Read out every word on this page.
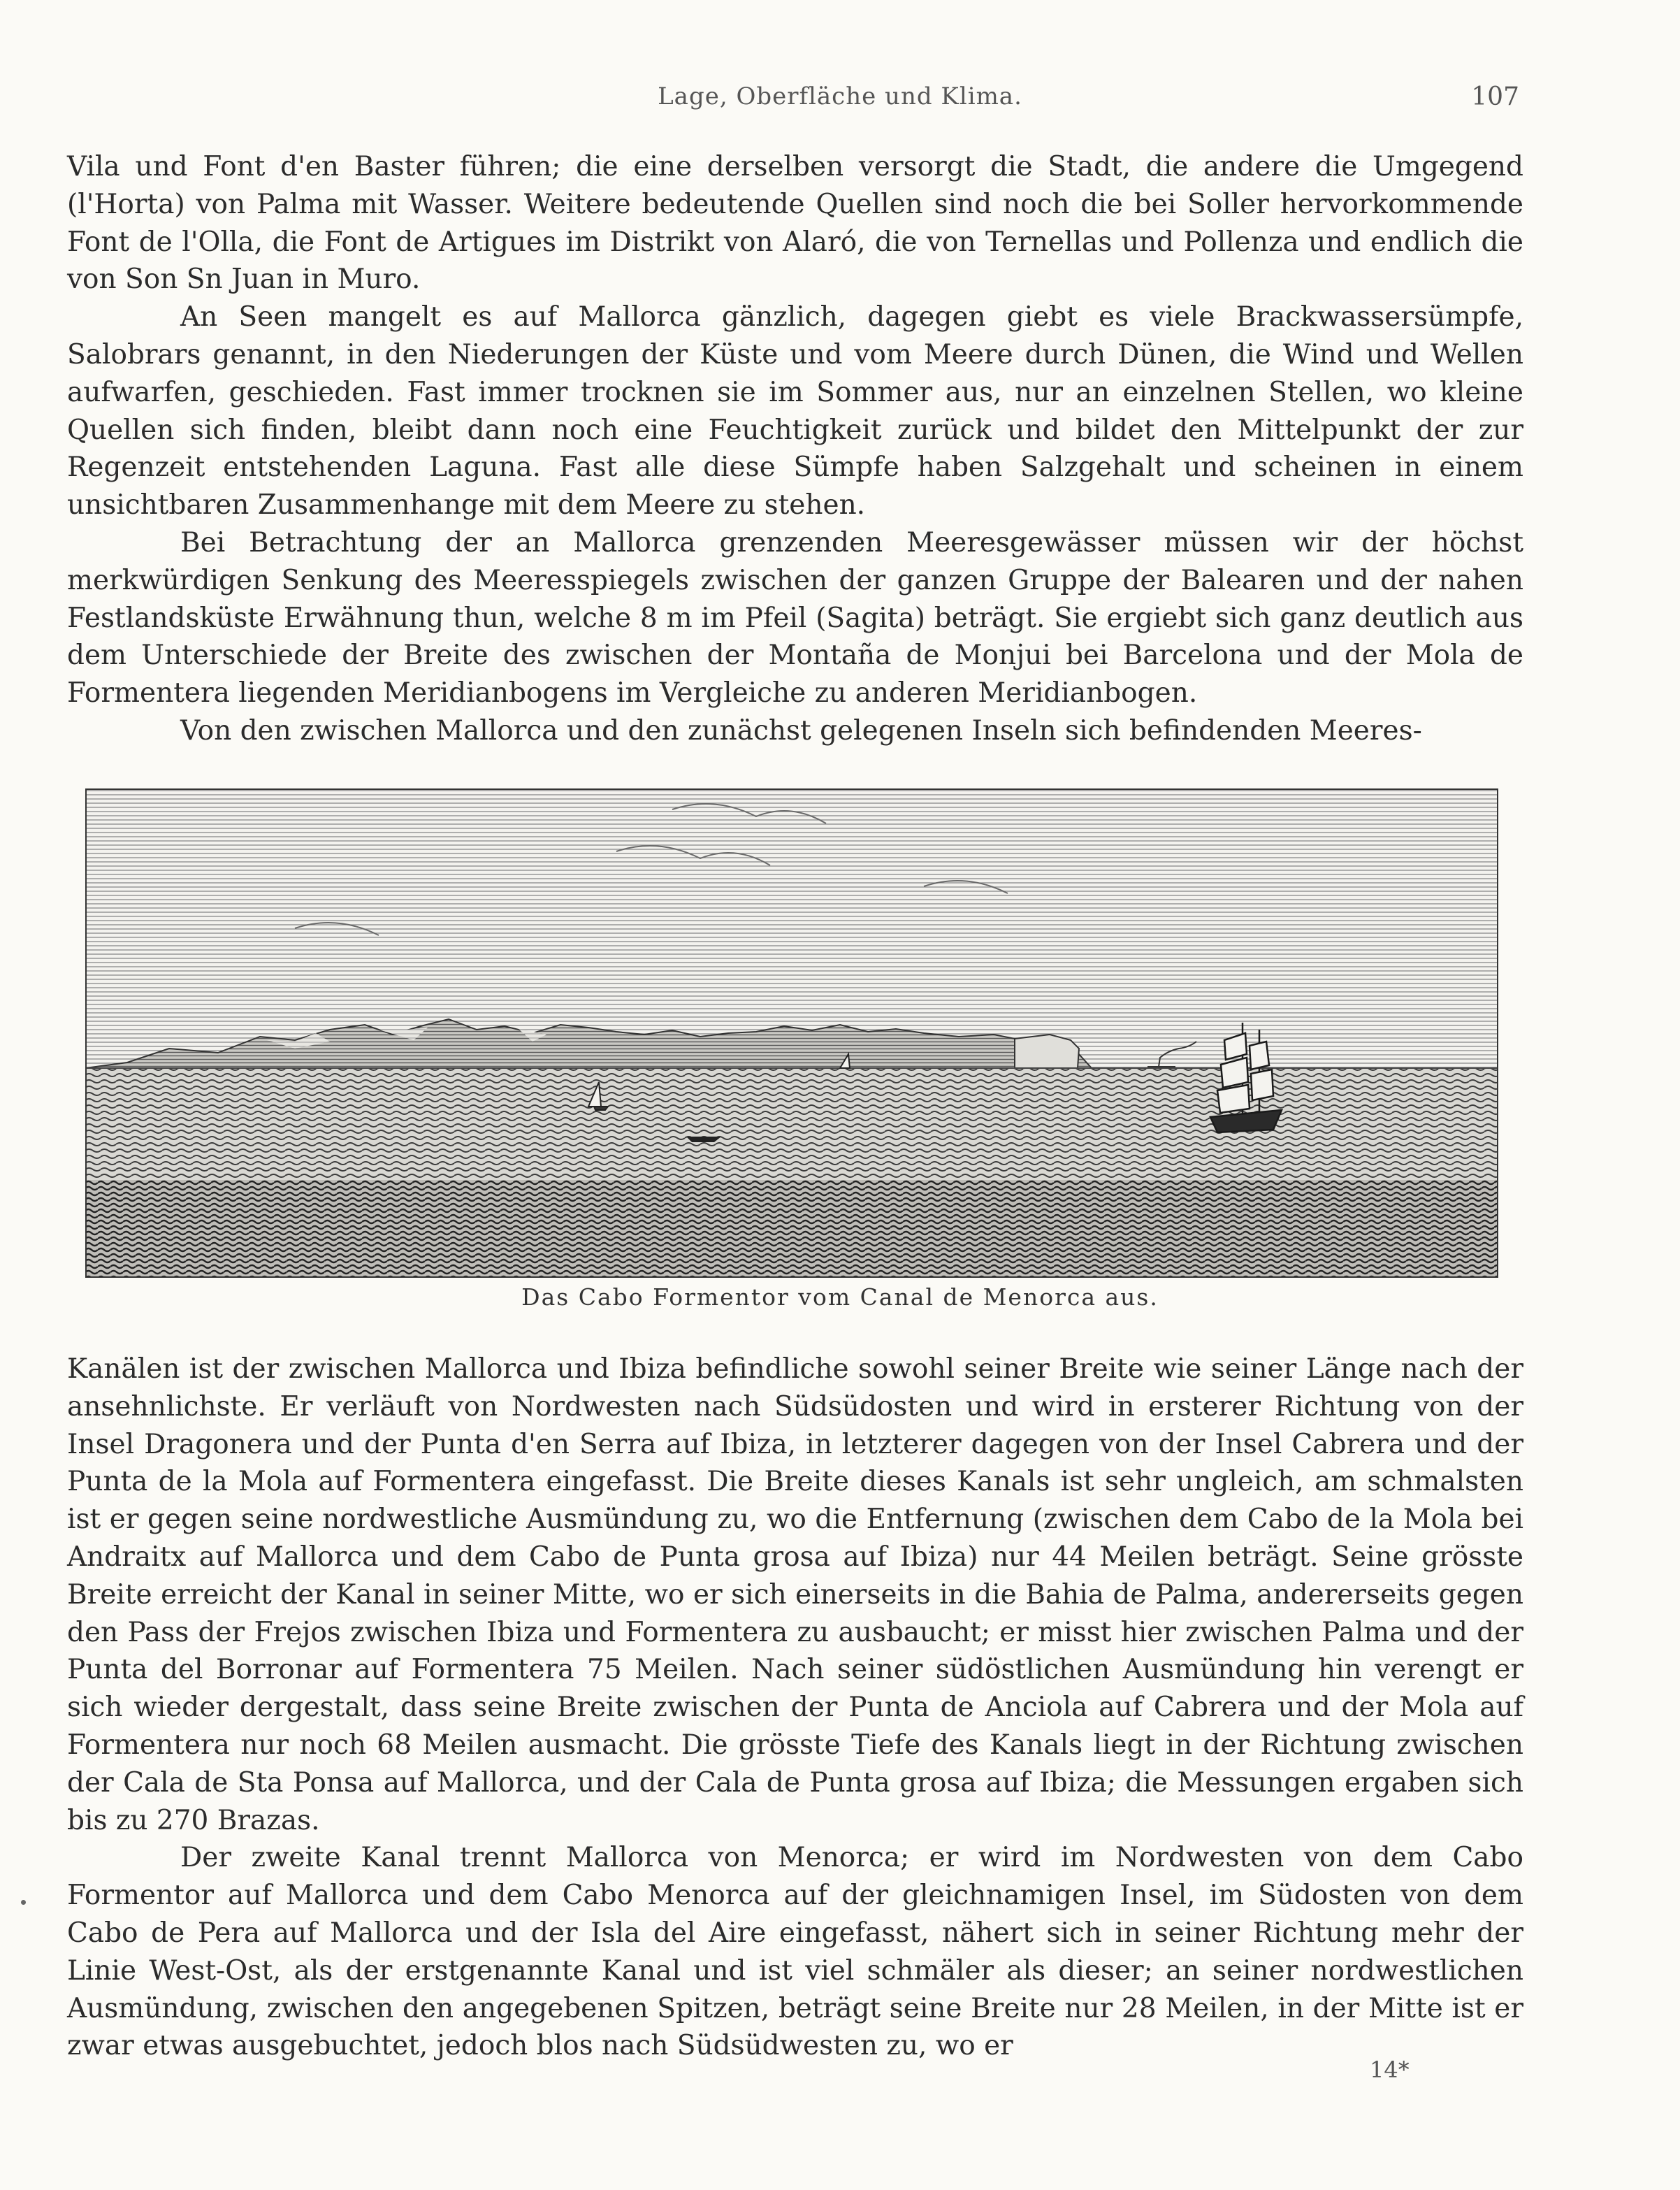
Lage, Oberfläche und Klima.	107

Vila und Font d'en Baster führen; die eine derselben versorgt die Stadt, die andere die Umgegend (l'Horta) von Palma mit Wasser. Weitere bedeutende Quellen sind noch die bei Soller hervorkommende Font de l'Olla, die Font de Artigues im Distrikt von Alaró, die von Ternellas und Pollenza und endlich die von Son Sn Juan in Muro.

An Seen mangelt es auf Mallorca gänzlich, dagegen giebt es viele Brackwassersümpfe, Salobrars genannt, in den Niederungen der Küste und vom Meere durch Dünen, die Wind und Wellen aufwarfen, geschieden. Fast immer trocknen sie im Sommer aus, nur an einzelnen Stellen, wo kleine Quellen sich finden, bleibt dann noch eine Feuchtigkeit zurück und bildet den Mittelpunkt der zur Regenzeit entstehenden Laguna. Fast alle diese Sümpfe haben Salzgehalt und scheinen in einem unsichtbaren Zusammenhange mit dem Meere zu stehen.

Bei Betrachtung der an Mallorca grenzenden Meeresgewässer müssen wir der höchst merkwürdigen Senkung des Meeresspiegels zwischen der ganzen Gruppe der Balearen und der nahen Festlandsküste Erwähnung thun, welche 8 m im Pfeil (Sagita) beträgt. Sie ergiebt sich ganz deutlich aus dem Unterschiede der Breite des zwischen der Montaña de Monjui bei Barcelona und der Mola de Formentera liegenden Meridianbogens im Vergleiche zu anderen Meridianbogen.

Von den zwischen Mallorca und den zunächst gelegenen Inseln sich befindenden Meeres-

Das Cabo Formentor vom Canal de Menorca aus.

Kanälen ist der zwischen Mallorca und Ibiza befindliche sowohl seiner Breite wie seiner Länge nach der ansehnlichste. Er verläuft von Nordwesten nach Südsüdosten und wird in ersterer Richtung von der Insel Dragonera und der Punta d'en Serra auf Ibiza, in letzterer dagegen von der Insel Cabrera und der Punta de la Mola auf Formentera eingefasst. Die Breite dieses Kanals ist sehr ungleich, am schmalsten ist er gegen seine nordwestliche Ausmündung zu, wo die Entfernung (zwischen dem Cabo de la Mola bei Andraitx auf Mallorca und dem Cabo de Punta grosa auf Ibiza) nur 44 Meilen beträgt. Seine grösste Breite erreicht der Kanal in seiner Mitte, wo er sich einerseits in die Bahia de Palma, andererseits gegen den Pass der Frejos zwischen Ibiza und Formentera zu ausbaucht; er misst hier zwischen Palma und der Punta del Borronar auf Formentera 75 Meilen. Nach seiner südöstlichen Ausmündung hin verengt er sich wieder dergestalt, dass seine Breite zwischen der Punta de Anciola auf Cabrera und der Mola auf Formentera nur noch 68 Meilen ausmacht. Die grösste Tiefe des Kanals liegt in der Richtung zwischen der Cala de Sta Ponsa auf Mallorca, und der Cala de Punta grosa auf Ibiza; die Messungen ergaben sich bis zu 270 Brazas.

Der zweite Kanal trennt Mallorca von Menorca; er wird im Nordwesten von dem Cabo Formentor auf Mallorca und dem Cabo Menorca auf der gleichnamigen Insel, im Südosten von dem Cabo de Pera auf Mallorca und der Isla del Aire eingefasst, nähert sich in seiner Richtung mehr der Linie West-Ost, als der erstgenannte Kanal und ist viel schmäler als dieser; an seiner nordwestlichen Ausmündung, zwischen den angegebenen Spitzen, beträgt seine Breite nur 28 Meilen, in der Mitte ist er zwar etwas ausgebuchtet, jedoch blos nach Südsüdwesten zu, wo er

14*
